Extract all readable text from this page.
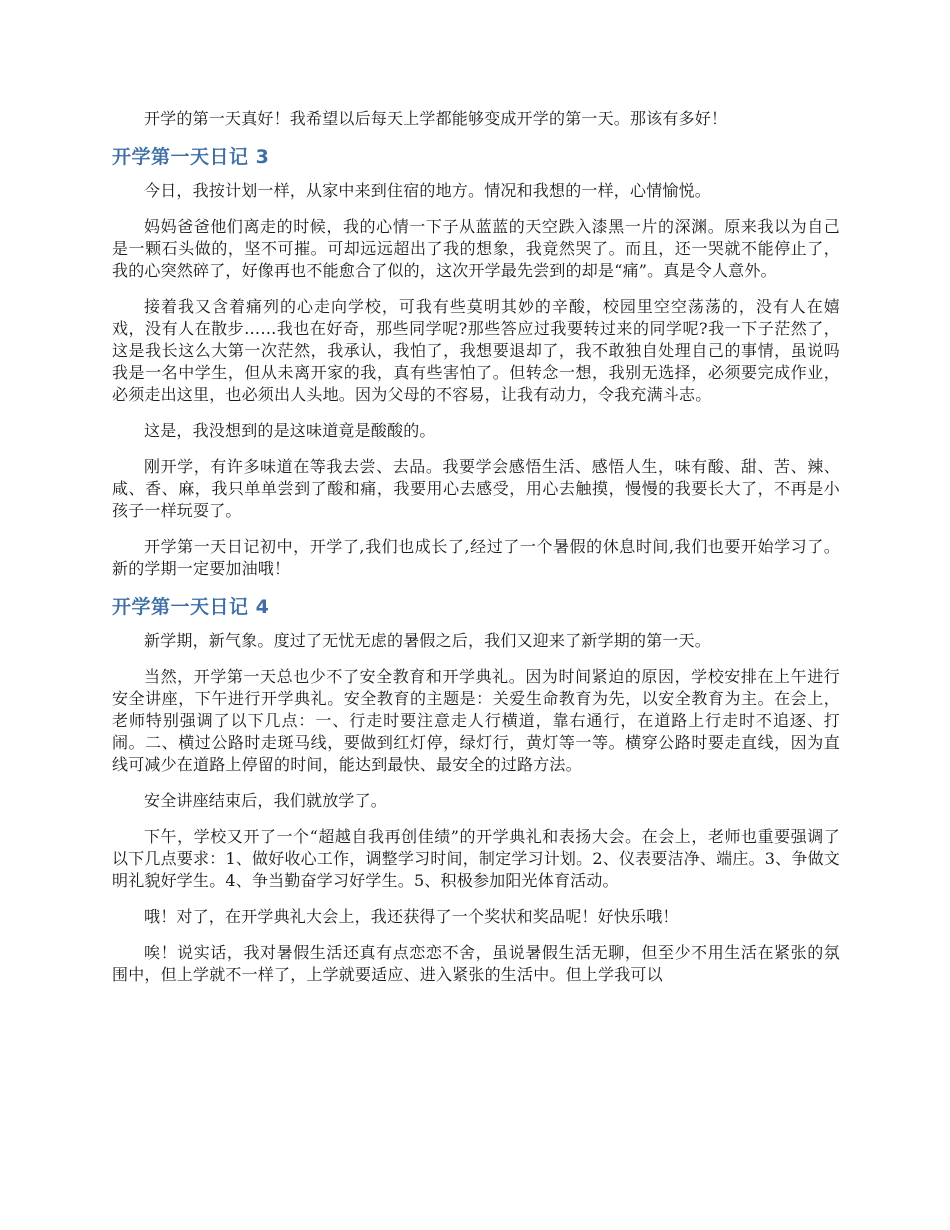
开学的第一天真好！我希望以后每天上学都能够变成开学的第一天。那该有多好！

开学第一天日记 3

今日，我按计划一样，从家中来到住宿的地方。情况和我想的一样，心情愉悦。

妈妈爸爸他们离走的时候，我的心情一下子从蓝蓝的天空跌入漆黑一片的深渊。原来我以为自己是一颗石头做的，坚不可摧。可却远远超出了我的想象，我竟然哭了。而且，还一哭就不能停止了，我的心突然碎了，好像再也不能愈合了似的，这次开学最先尝到的却是“痛”。真是令人意外。

接着我又含着痛列的心走向学校，可我有些莫明其妙的辛酸，校园里空空荡荡的，没有人在嬉戏，没有人在散步……我也在好奇，那些同学呢?那些答应过我要转过来的同学呢?我一下子茫然了，这是我长这么大第一次茫然，我承认，我怕了，我想要退却了，我不敢独自处理自己的事情，虽说吗我是一名中学生，但从未离开家的我，真有些害怕了。但转念一想，我别无选择，必须要完成作业，必须走出这里，也必须出人头地。因为父母的不容易，让我有动力，令我充满斗志。

这是，我没想到的是这味道竟是酸酸的。

刚开学，有许多味道在等我去尝、去品。我要学会感悟生活、感悟人生，味有酸、甜、苦、辣、咸、香、麻，我只单单尝到了酸和痛，我要用心去感受，用心去触摸，慢慢的我要长大了，不再是小孩子一样玩耍了。

开学第一天日记初中，开学了,我们也成长了,经过了一个暑假的休息时间,我们也要开始学习了。新的学期一定要加油哦！

开学第一天日记 4

新学期，新气象。度过了无忧无虑的暑假之后，我们又迎来了新学期的第一天。

当然，开学第一天总也少不了安全教育和开学典礼。因为时间紧迫的原因，学校安排在上午进行安全讲座，下午进行开学典礼。安全教育的主题是：关爱生命教育为先，以安全教育为主。在会上，老师特别强调了以下几点：一、行走时要注意走人行横道，靠右通行，在道路上行走时不追逐、打闹。二、横过公路时走斑马线，要做到红灯停，绿灯行，黄灯等一等。横穿公路时要走直线，因为直线可减少在道路上停留的时间，能达到最快、最安全的过路方法。

安全讲座结束后，我们就放学了。

下午，学校又开了一个“超越自我再创佳绩”的开学典礼和表扬大会。在会上，老师也重要强调了以下几点要求：1、做好收心工作，调整学习时间，制定学习计划。2、仪表要洁净、端庄。3、争做文明礼貌好学生。4、争当勤奋学习好学生。5、积极参加阳光体育活动。

哦！对了，在开学典礼大会上，我还获得了一个奖状和奖品呢！好快乐哦！

唉！说实话，我对暑假生活还真有点恋恋不舍，虽说暑假生活无聊，但至少不用生活在紧张的氛围中，但上学就不一样了，上学就要适应、进入紧张的生活中。但上学我可以
